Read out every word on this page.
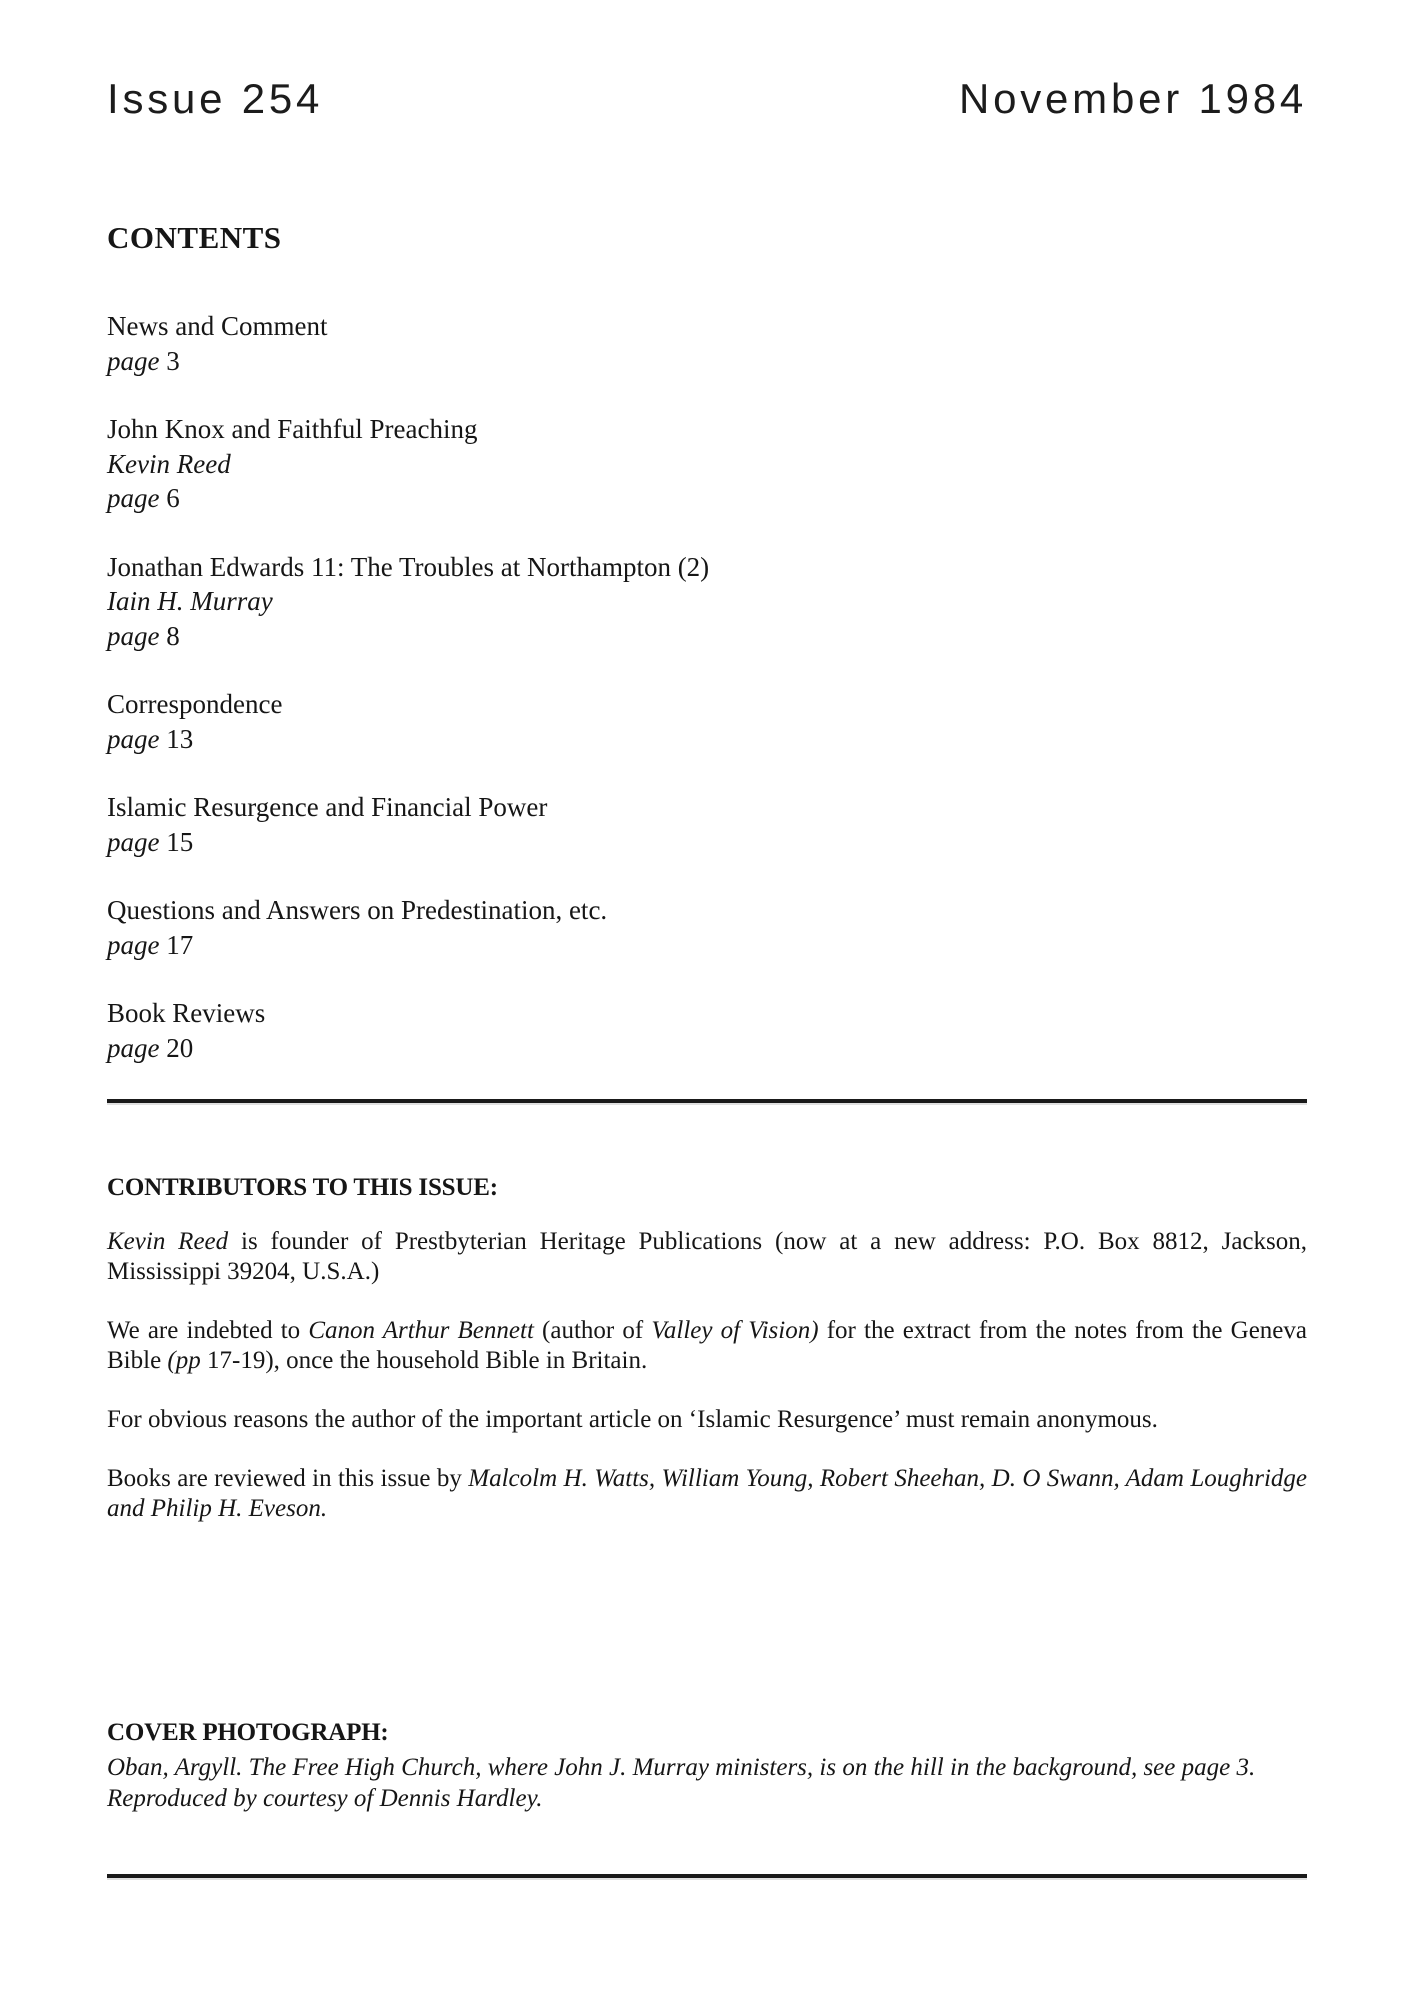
Issue 254	November 1984
CONTENTS
News and Comment
page 3
John Knox and Faithful Preaching
Kevin Reed
page 6
Jonathan Edwards 11: The Troubles at Northampton (2)
Iain H. Murray
page 8
Correspondence
page 13
Islamic Resurgence and Financial Power
page 15
Questions and Answers on Predestination, etc.
page 17
Book Reviews
page 20
CONTRIBUTORS TO THIS ISSUE:

Kevin Reed is founder of Prestbyterian Heritage Publications (now at a new address: P.O. Box 8812, Jackson, Mississippi 39204, U.S.A.)

We are indebted to Canon Arthur Bennett (author of Valley of Vision) for the extract from the notes from the Geneva Bible (pp 17-19), once the household Bible in Britain.

For obvious reasons the author of the important article on ‘Islamic Resurgence’ must remain anonymous.

Books are reviewed in this issue by Malcolm H. Watts, William Young, Robert Sheehan, D. O Swann, Adam Loughridge and Philip H. Eveson.

COVER PHOTOGRAPH:

Oban, Argyll. The Free High Church, where John J. Murray ministers, is on the hill in the background, see page 3. Reproduced by courtesy of Dennis Hardley.
